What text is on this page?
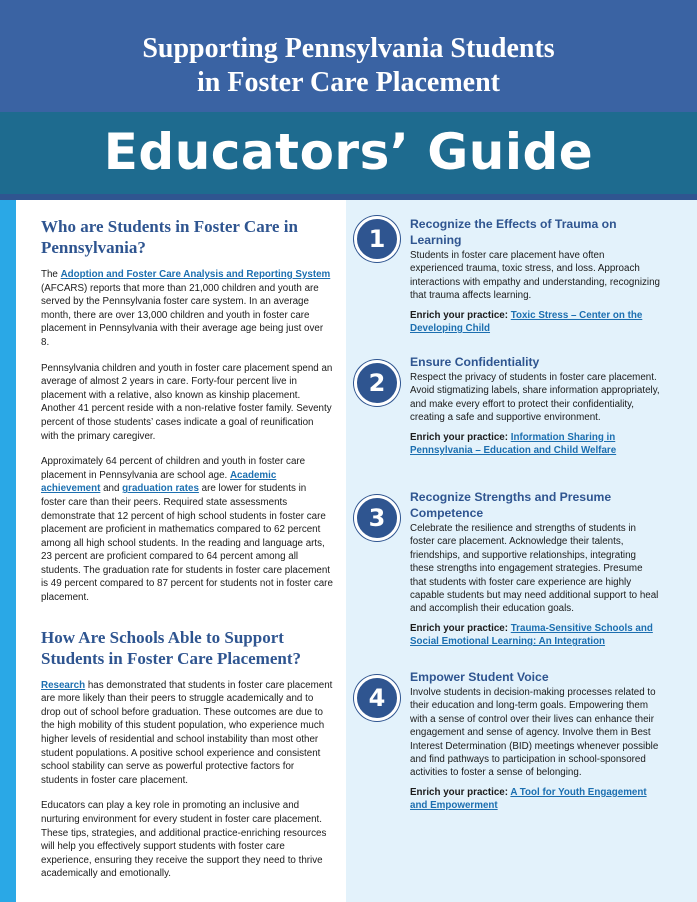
Supporting Pennsylvania Students
in Foster Care Placement
Educators’ Guide
Who are Students in Foster Care in Pennsylvania?

The Adoption and Foster Care Analysis and Reporting System (AFCARS) reports that more than 21,000 children and youth are served by the Pennsylvania foster care system. In an average month, there are over 13,000 children and youth in foster care placement in Pennsylvania with their average age being just over 8.

Pennsylvania children and youth in foster care placement spend an average of almost 2 years in care. Forty-four percent live in placement with a relative, also known as kinship placement. Another 41 percent reside with a non-relative foster family. Seventy percent of those students’ cases indicate a goal of reunification with the primary caregiver.

Approximately 64 percent of children and youth in foster care placement in Pennsylvania are school age. Academic achievement and graduation rates are lower for students in foster care than their peers. Required state assessments demonstrate that 12 percent of high school students in foster care placement are proficient in mathematics compared to 62 percent among all high school students. In the reading and language arts, 23 percent are proficient compared to 64 percent among all students. The graduation rate for students in foster care placement is 49 percent compared to 87 percent for students not in foster care placement.

How Are Schools Able to Support Students in Foster Care Placement?

Research has demonstrated that students in foster care placement are more likely than their peers to struggle academically and to drop out of school before graduation. These outcomes are due to the high mobility of this student population, who experience much higher levels of residential and school instability than most other student populations. A positive school experience and consistent school stability can serve as powerful protective factors for students in foster care placement.

Educators can play a key role in promoting an inclusive and nurturing environment for every student in foster care placement. These tips, strategies, and additional practice-enriching resources will help you effectively support students with foster care experience, ensuring they receive the support they need to thrive academically and emotionally.

1
Recognize the Effects of Trauma on Learning

Students in foster care placement have often experienced trauma, toxic stress, and loss. Approach interactions with empathy and understanding, recognizing that trauma affects learning.

Enrich your practice: Toxic Stress – Center on the Developing Child

2
Ensure Confidentiality

Respect the privacy of students in foster care placement. Avoid stigmatizing labels, share information appropriately, and make every effort to protect their confidentiality, creating a safe and supportive environment.

Enrich your practice: Information Sharing in Pennsylvania – Education and Child Welfare

3
Recognize Strengths and Presume Competence

Celebrate the resilience and strengths of students in foster care placement. Acknowledge their talents, friendships, and supportive relationships, integrating these strengths into engagement strategies. Presume that students with foster care experience are highly capable students but may need additional support to heal and accomplish their education goals.

Enrich your practice: Trauma-Sensitive Schools and Social Emotional Learning: An Integration

4
Empower Student Voice

Involve students in decision-making processes related to their education and long-term goals. Empowering them with a sense of control over their lives can enhance their engagement and sense of agency. Involve them in Best Interest Determination (BID) meetings whenever possible and find pathways to participation in school-sponsored activities to foster a sense of belonging.

Enrich your practice: A Tool for Youth Engagement and Empowerment
